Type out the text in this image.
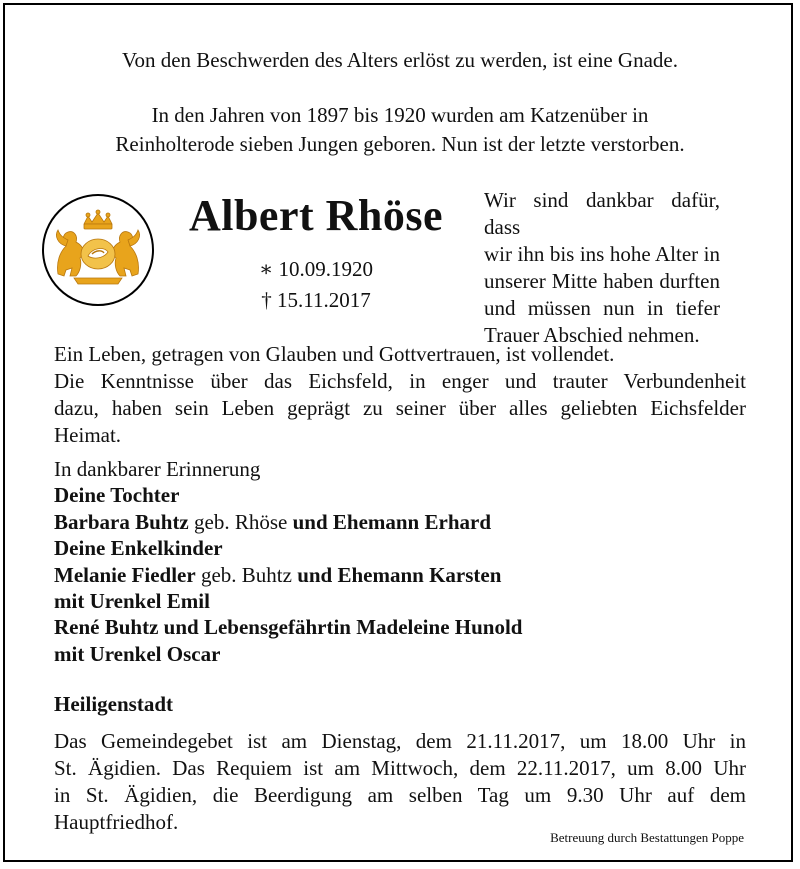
Von den Beschwerden des Alters erlöst zu werden, ist eine Gnade.
In den Jahren von 1897 bis 1920 wurden am Katzenüber in
Reinholterode sieben Jungen geboren. Nun ist der letzte verstorben.
Albert Rhöse
∗ 10.09.1920
† 15.11.2017
Wir sind dankbar dafür, dass
wir ihn bis ins hohe Alter in
unserer Mitte haben durften
und müssen nun in tiefer
Trauer Abschied nehmen.
Ein Leben, getragen von Glauben und Gottvertrauen, ist vollendet.
Die Kenntnisse über das Eichsfeld, in enger und trauter Verbundenheit
dazu, haben sein Leben geprägt zu seiner über alles geliebten Eichsfelder
Heimat.
In dankbarer Erinnerung
Deine Tochter
Barbara Buhtz geb. Rhöse und Ehemann Erhard
Deine Enkelkinder
Melanie Fiedler geb. Buhtz und Ehemann Karsten
mit Urenkel Emil
René Buhtz und Lebensgefährtin Madeleine Hunold
mit Urenkel Oscar
Heiligenstadt
Das Gemeindegebet ist am Dienstag, dem 21.11.2017, um 18.00 Uhr in
St. Ägidien. Das Requiem ist am Mittwoch, dem 22.11.2017, um 8.00 Uhr
in St. Ägidien, die Beerdigung am selben Tag um 9.30 Uhr auf dem
Hauptfriedhof.
Betreuung durch Bestattungen Poppe
